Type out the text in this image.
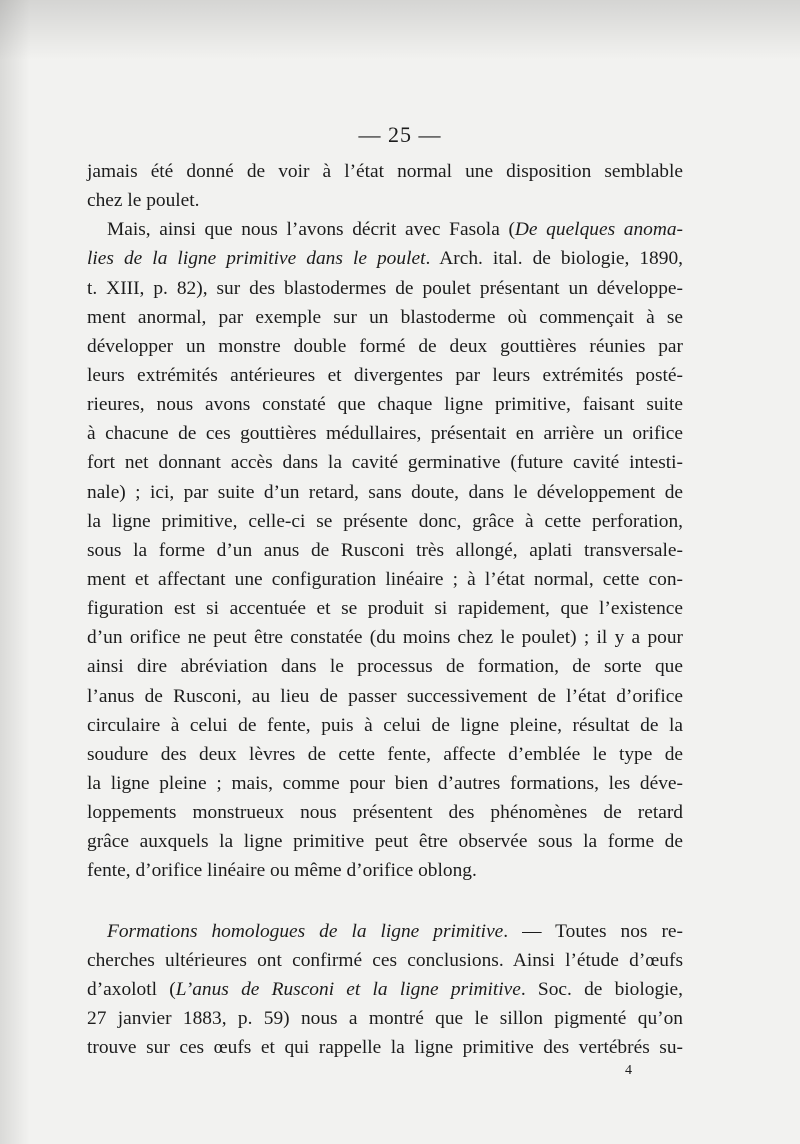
— 25 —
jamais été donné de voir à l’état normal une disposition semblable
chez le poulet.
Mais, ainsi que nous l’avons décrit avec Fasola (De quelques anoma-
lies de la ligne primitive dans le poulet. Arch. ital. de biologie, 1890,
t. XIII, p. 82), sur des blastodermes de poulet présentant un développe-
ment anormal, par exemple sur un blastoderme où commençait à se
développer un monstre double formé de deux gouttières réunies par
leurs extrémités antérieures et divergentes par leurs extrémités posté-
rieures, nous avons constaté que chaque ligne primitive, faisant suite
à chacune de ces gouttières médullaires, présentait en arrière un orifice
fort net donnant accès dans la cavité germinative (future cavité intesti-
nale) ; ici, par suite d’un retard, sans doute, dans le développement de
la ligne primitive, celle-ci se présente donc, grâce à cette perforation,
sous la forme d’un anus de Rusconi très allongé, aplati transversale-
ment et affectant une configuration linéaire ; à l’état normal, cette con-
figuration est si accentuée et se produit si rapidement, que l’existence
d’un orifice ne peut être constatée (du moins chez le poulet) ; il y a pour
ainsi dire abréviation dans le processus de formation, de sorte que
l’anus de Rusconi, au lieu de passer successivement de l’état d’orifice
circulaire à celui de fente, puis à celui de ligne pleine, résultat de la
soudure des deux lèvres de cette fente, affecte d’emblée le type de
la ligne pleine ; mais, comme pour bien d’autres formations, les déve-
loppements monstrueux nous présentent des phénomènes de retard
grâce auxquels la ligne primitive peut être observée sous la forme de
fente, d’orifice linéaire ou même d’orifice oblong.
Formations homologues de la ligne primitive. — Toutes nos re-
cherches ultérieures ont confirmé ces conclusions. Ainsi l’étude d’œufs
d’axolotl (L’anus de Rusconi et la ligne primitive. Soc. de biologie,
27 janvier 1883, p. 59) nous a montré que le sillon pigmenté qu’on
trouve sur ces œufs et qui rappelle la ligne primitive des vertébrés su-
4
